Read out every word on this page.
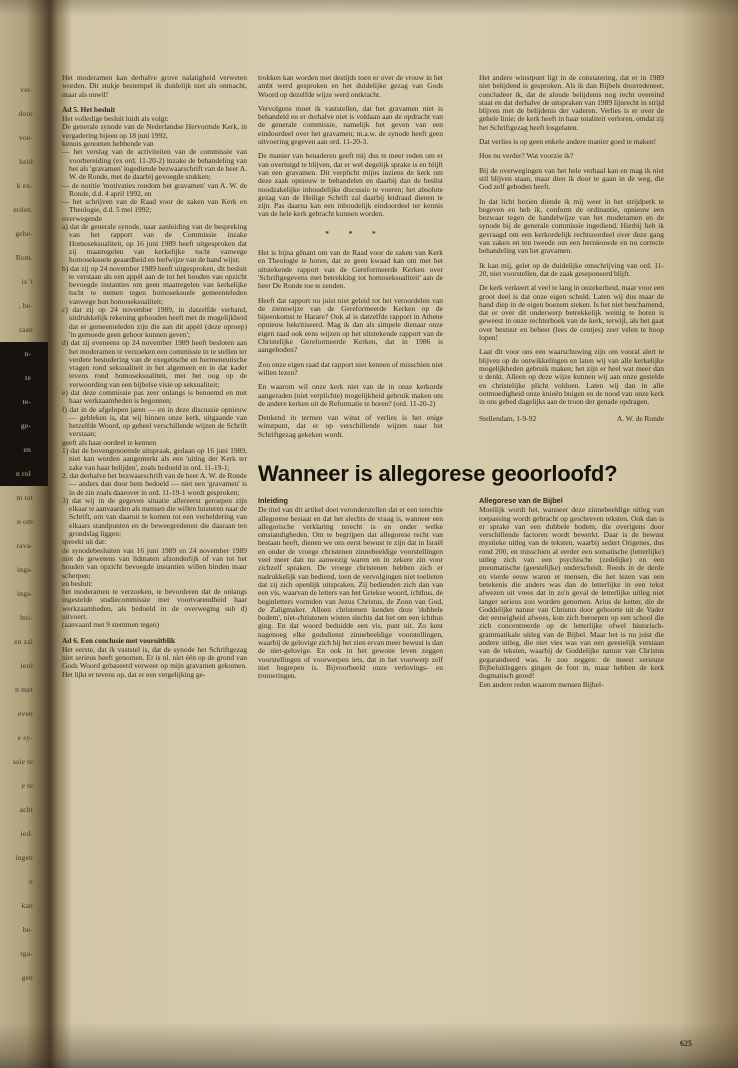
ver-
door
voe-
heid
k ex-
erden.
gehe-
Rom.
is 't
, be-
raan
n-
te
te-
ge-
en
n rol
m tot
n om
rava-
ings-
ings-
bui-
en zal
ierd
n met
even
e sy-
ssie te
e te
acht
ied-
ingen
n
kan
be-
rga-
gen

Het moderamen kan derhalve grove nalatigheid verweten worden. Dit stukje bestempel ik duidelijk niet als onmacht, maar als onwil!

Ad 5. Het besluit

Het volledige besluit luidt als volgt:

De generale synode van de Nederlandse Hervormde Kerk, in vergadering bijeen op 18 juni 1992,

kennis genomen hebbende van

— het verslag van de activiteiten van de commissie van voorbereiding (ex ord. 11-20-2) inzake de behandeling van het als 'gravamen' ingediende bezwaarschrift van de heer A. W. de Ronde, met de daarbij gevoegde stukken;

— de notitie 'motivaties rondom het gravamen' van A. W. de Ronde, d.d. 4 april 1992, en

— het schrijven van de Raad voor de zaken van Kerk en Theologie, d.d. 5 mei 1992;

overwegende

a) dat de generale synode, naar aanleiding van de bespreking van het rapport van de Commissie inzake Homoseksualiteit, op 16 juni 1989 heeft uitgesproken dat zij maatregelen van kerkelijke tucht vanwege homoseksuele geaardheid en leefwijze van de hand wijst;

b) dat zij op 24 november 1989 heeft uitgesproken, dit besluit te verstaan als een appèl aan de tot het houden van opzicht bevoegde instanties om geen maatregelen van kerkelijke tucht te nemen tegen homoseksuele gemeenteleden vanwege hun homoseksualiteit;

c) dat zij op 24 november 1989, in datzelfde verband, uitdrukkelijk rekening gehouden heeft met de mogelijkheid dat er gemeenteleden zijn die aan dit appèl (deze oproep) 'in gemoede geen gehoor kunnen geven';

d) dat zij eveneens op 24 november 1989 heeft besloten aan het moderamen te verzoeken een commissie in te stellen ter verdere bestudering van de exegetische en hermeneutische vragen rond seksualiteit in het algemeen en in dat kader tevens rond homoseksualiteit, met het oog op de verwoording van een bijbelse visie op seksualiteit;

e) dat deze commissie pas zeer onlangs is benoemd en met haar werkzaamheden is begonnen;

f) dat in de afgelopen jaren — en in deze discussie opnieuw — gebleken is, dat wij binnen onze kerk, uitgaande van hetzelfde Woord, op geheel verschillende wijzen de Schrift verstaan;

geeft als haar oordeel te kennen

1) dat de bovengenoemde uitspraak, gedaan op 16 juni 1989, niet kan worden aangemerkt als een 'uiting der Kerk ter zake van haar belijden', zoals bedoeld in ord. 11-19-1;

2. dat derhalve het bezwaarschrift van de heer A. W. de Ronde — anders dan door hem bedoeld — niet een 'gravamen' is in de zin zoals daarover in ord. 11-19-1 wordt gesproken;

3) dat wij in de gegeven situatie allereerst geroepen zijn elkaar te aanvaarden als mensen die willen luisteren naar de Schrift, om van daaruit te komen tot een verheldering van elkaars standpunten en de beweegredenen die daaraan ten grondslag liggen;

spreekt uit dat:

de synodebesluiten van 16 juni 1989 en 24 november 1989 niet de gewetens van lidmaten afzonderlijk of van tot het houden van opzicht bevoegde instanties willen binden maar scherpen;

en besluit:

het moderamen te verzoeken, te bevorderen dat de onlangs ingestelde studiecommissie met voortvarendheid haar werkzaamheden, als bedoeld in de overweging sub d) uitvoert.

(aanvaard met 9 stemmen tegen)

Ad 6. Een conclusie met vooruitblik

Het eerste, dat ik vaststel is, dat de synode het Schriftgezag niet serieus heeft genomen. Er is nl. niet één op de grond van Gods Woord gebaseerd verweer op mijn gravamen gekomen. Het lijkt er tevens op, dat er een vergelijking ge-

trokken kan worden met destijds toen er over de vrouw in het ambt werd gesproken en het duidelijke gezag van Gods Woord op dezelfde wijze werd ontkracht.

Vervolgens moet ik vaststellen, dat het gravamen niet is behandeld en er derhalve niet is voldaan aan de opdracht van de generale commissie, namelijk het geven van een eindoordeel over het gravamen; m.a.w. de synode heeft geen uitvoering gegeven aan ord. 11-20-3.

De manier van benaderen geeft mij dus te meer reden om er van overtuigd te blijven, dat er wel degelijk sprake is en blijft van een gravamen. Dit verplicht mijns inziens de kerk om deze zaak opnieuw te behandelen en daarbij dan de beslist noodzakelijke inhoudelijke discussie te voeren; het absolute gezag van de Heilige Schrift zal daarbij leidraad dienen te zijn. Pas daarna kan een inhoudelijk eindoordeel ter kennis van de hele kerk gebracht kunnen worden.

* * *

Het is bijna gênant om van de Raad voor de zaken van Kerk en Theologie te horen, dat ze geen kwaad kan om met het uitstekende rapport van de Gereformeerde Kerken over 'Schriftgegevens met betrekking tot homoseksualiteit' aan de heer De Ronde toe te zenden.

Heeft dat rapport nu juist niet geleid tot het veroordelen van de zienswijze van de Gereformeerde Kerken op de bijeenkomst te Harare? Ook al is datzelfde rapport in Athene opnieuw bekritiseerd. Mag ik dan als simpele dienaar onze eigen raad ook eens wijzen op het uitstekende rapport van de Christelijke Gereformeerde Kerken, dat in 1986 is aangeboden?

Zou onze eigen raad dat rapport niet kennen of misschien niet willen lezen?

En waarom wil onze kerk niet van de in onze kerkorde aangeraden (niet verplichte) mogelijkheid gebruik maken om de andere kerken uit de Reformatie te horen? (ord. 11-20-2)

Denkend in termen van winst of verlies is het enige winstpunt, dat er op verschillende wijzen naar het Schriftgezag gekeken wordt.

Het andere winstpunt ligt in de constatering, dat er in 1989 niet belijdend is gesproken. Als ik dan Bijbels doorredeneer, concludeer ik, dat de aloude belijdenis nog recht overeind staat en dat derhalve de uitspraken van 1989 lijnrecht in strijd blijven met de belijdenis der vaderen. Verlies is er over de gehele linie; de kerk heeft in haar totaliteit verloren, omdat zij het Schriftgezag heeft losgelaten.

Dat verlies is op geen enkele andere manier goed te maken!

Hoe nu verder? Wat voorzie ik?

Bij de overwegingen van het hele verhaal kan en mag ik niet stil blijven staan, maar dien ik door te gaan in de weg, die God zelf geboden heeft.

In dat licht bezien diende ik mij weer in het strijdperk te begeven en heb ik, conform de ordinantie, opnieuw een bezwaar tegen de handelwijze van het moderamen en de synode bij de generale commissie ingediend. Hierbij heb ik gevraagd om een kerkordelijk rechtsoordeel over deze gang van zaken en ten tweede om een hernieuwde en nu correcte behandeling van het gravamen.

Ik kan mij, gelet op de duidelijke omschrijving van ord. 11-20, niet voorstellen, dat de zaak geseponeerd blijft.

De kerk verkeert al veel te lang in onzekerheid, maar voor een groot deel is dat onze eigen schuld. Laten wij dus maar de hand diep in de eigen boezem steken. Is het niet beschamend, dat er over dit onderwerp betrekkelijk weinig te horen is geweest in onze rechterhoek van de kerk, terwijl, als het gaat over bestuur en beheer (lees de centjes) zeer velen te hoop lopen!

Laat dit voor ons een waarschuwing zijn om vooral alert te blijven op de ontwikkelingen en laten wij van alle kerkelijke mogelijkheden gebruik maken; het zijn er heel wat meer dan u denkt. Alleen op deze wijze kunnen wij aan onze gestelde en christelijke plicht voldoen. Laten wij dan in alle ootmoedigheid onze knieën buigen en de nood van onze kerk in ons gebed dagelijks aan de troon der genade opdragen.

Stellendam, 1-9-92	A. W. de Ronde
Wanneer is allegorese geoorloofd?
Inleiding

De titel van dit artikel doet veronderstellen dat er een terechte allegorese bestaat en dat het slechts de vraag is, wanneer een allegorische verklaring terecht is en onder welke omstandigheden. Om te begrijpen dat allegorese recht van bestaan heeft, dienen we ons eerst bewust te zijn dat in Israël en onder de vroege christenen zinnebeeldige voorstellingen veel meer dan nu aanwezig waren en in zekere zin voor zichzelf spraken. De vroege christenen hebben zich er nadrukkelijk van bediend, toen de vervolgingen niet toelieten dat zij zich openlijk uitspraken. Zij bedienden zich dan van een vis, waarvan de letters van het Griekse woord, ichthus, de beginletters vormden van Jezus Christus, de Zoon van God, de Zaligmaker. Alleen christenen kenden deze 'dubbele bodem', niet-christenen wisten slechts dat het om een ichthus ging. En dat woord beduidde een vis, punt uit. Zo kent nagenoeg elke godsdienst zinnebeeldige voorstellingen, waarbij de gelovige zich bij het zien ervan meer bewust is dan de niet-gelovige. En ook in het gewone leven zeggen voorstellingen of voorwerpen iets, dat in het voorwerp zelf niet begrepen is. Bijvoorbeeld onze verlovings- en trouwringen.

Allegorese van de Bijbel

Moeilijk wordt het, wanneer deze zinnebeeldige uitleg van toepassing wordt gebracht op geschreven teksten. Ook dan is er sprake van een dubbele bodem, die overigens door verschillende factoren wordt bewerkt. Daar is de bewust mystieke uitleg van de teksten, waarbij sedert Origenes, dus rond 200, en misschien al eerder een somatische (letterlijke) uitleg zich van een psychische (zedelijke) en een pneumatische (geestelijke) onderscheidt. Reeds in de derde en vierde eeuw waren er mensen, die het lezen van een betekenis die anders was dan de letterlijke in een tekst afwezen uit vrees dat in zo'n geval de letterlijke uitleg niet langer serieus zou worden genomen. Arius de ketter, die de Goddelijke natuur van Christus door geboorte uit de Vader der eeuwigheid afwees, kon zich beroepen op een school die zich concentreerde op de letterlijke ofwel historisch-grammatikale uitleg van de Bijbel. Maar het is nu juist die andere uitleg, die niet vies was van een geestelijk verstaan van de teksten, waarbij de Goddelijke natuur van Christus gegarandeerd was. Je zou zeggen: de meest serieuze Bijbeluitleggers gingen de fout in, maar hebben de kerk dogmatisch gered!

Een andere reden waarom mensen Bijbel-

625
